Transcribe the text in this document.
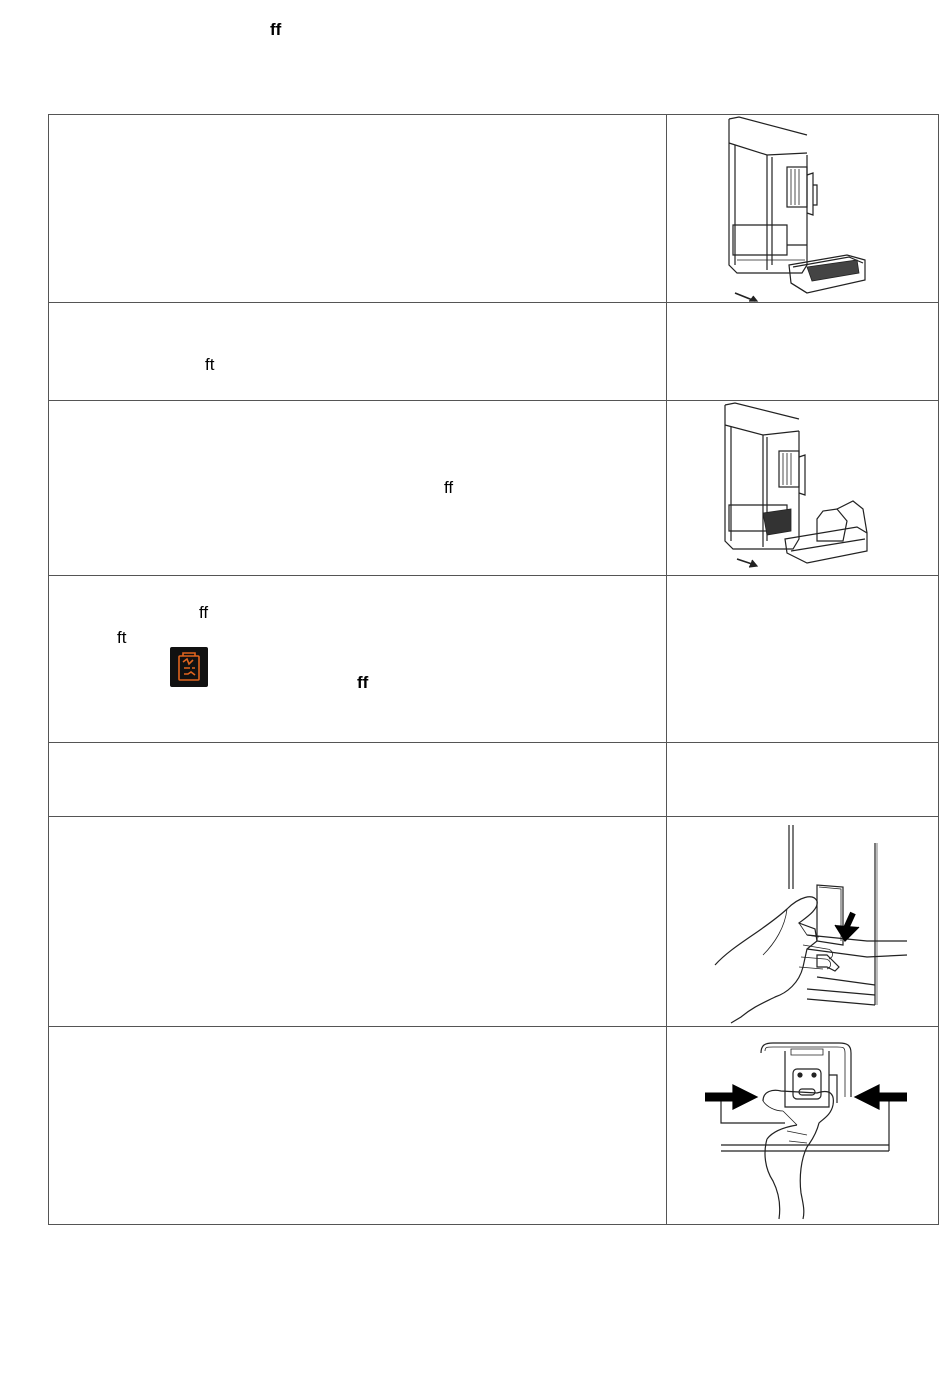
ff

ft	

ff

ff
ft
ff	
